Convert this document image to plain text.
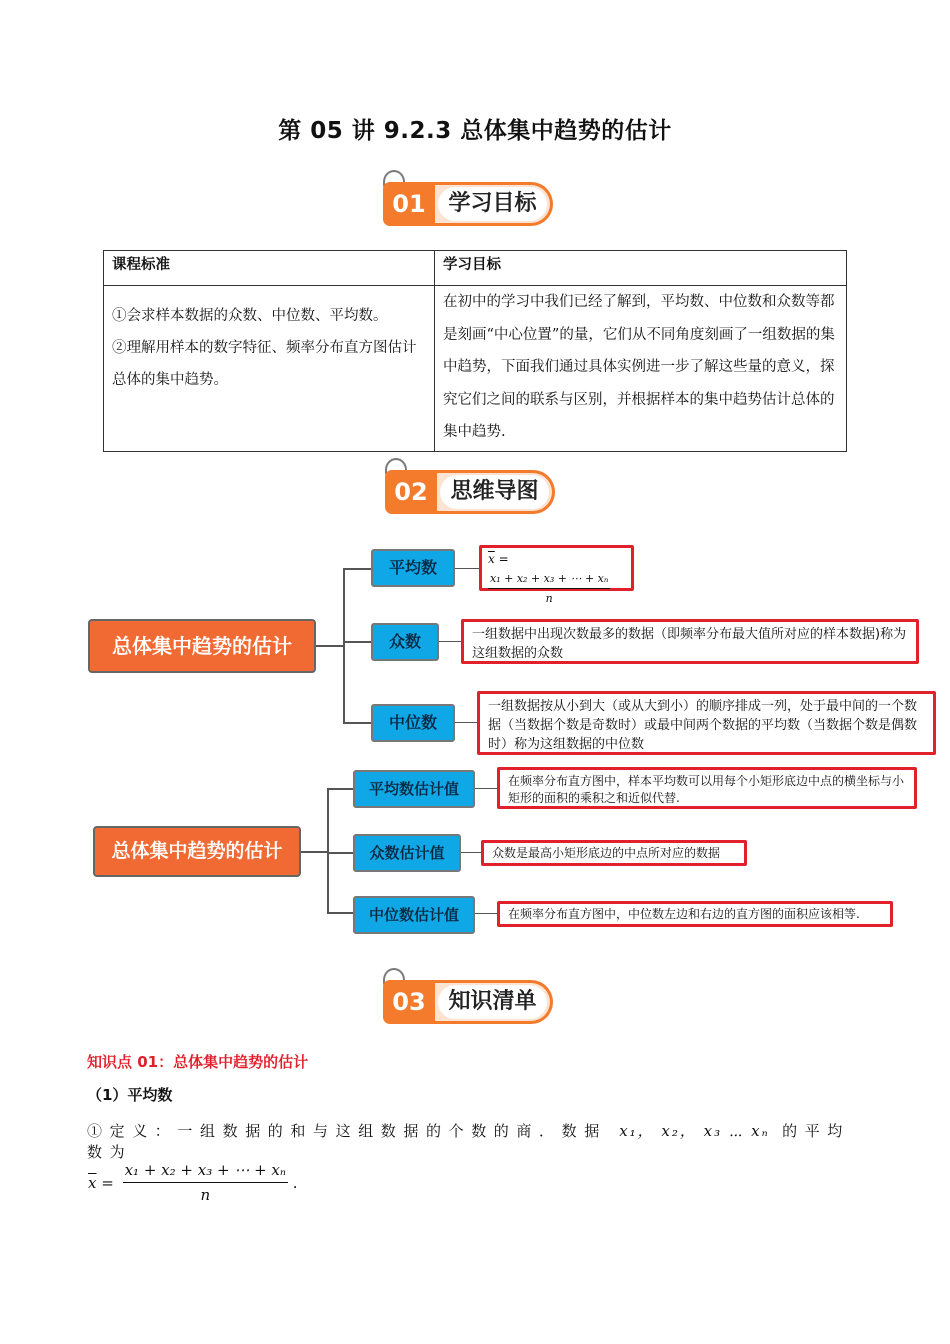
第 05 讲 9.2.3 总体集中趋势的估计
01	学习目标
课程标准	学习目标

①会求样本数据的众数、中位数、平均数。
②理解用样本的数字特征、频率分布直方图估计总体的集中趋势。	在初中的学习中我们已经了解到，平均数、中位数和众数等都是刻画“中心位置”的量，它们从不同角度刻画了一组数据的集中趋势，下面我们通过具体实例进一步了解这些量的意义，探究它们之间的联系与区别，并根据样本的集中趋势估计总体的集中趋势.
02	思维导图
总体集中趋势的估计
平均数	$\overline{x}$ =
$\frac{\text{x₁ + x₂ + x₃ + ⋯ + xₙ}}{n}$
众数	一组数据中出现次数最多的数据（即频率分布最大值所对应的样本数据)称为这组数据的众数
中位数
一组数据按从小到大（或从大到小）的顺序排成一列，处于最中间的一个数据（当数据个数是奇数时）或最中间两个数据的平均数（当数据个数是偶数时）称为这组数据的中位数
总体集中趋势的估计
平均数估计值	在频率分布直方图中，样本平均数可以用每个小矩形底边中点的横坐标与小矩形的面积的乘积之和近似代替.
众数估计值	众数是最高小矩形底边的中点所对应的数据
中位数估计值	在频率分布直方图中，中位数左边和右边的直方图的面积应该相等.
03	知识清单
知识点 01：总体集中趋势的估计
（1）平均数
①定义：一组数据的和与这组数据的个数的商．数据 x₁， x₂， x₃ ⋯ xₙ 的平均数为
$\overline{x} = \frac{\text{x₁ + x₂ + x₃ + ⋯ + xₙ}}{n}$ .
